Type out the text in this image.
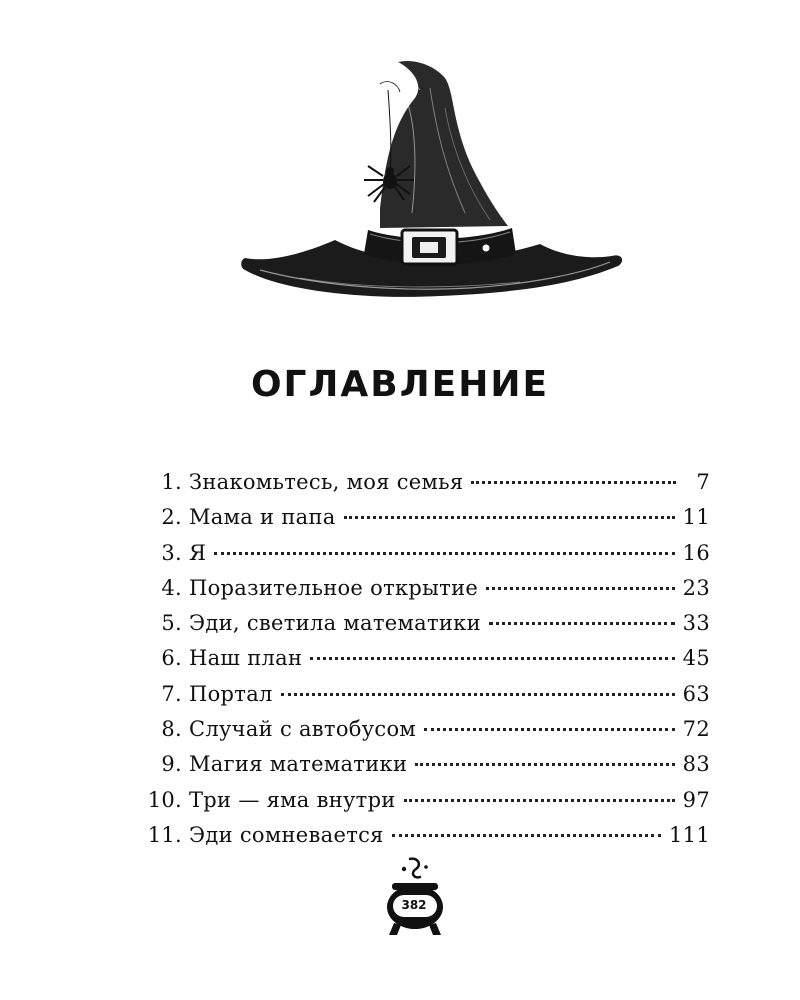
ОГЛАВЛЕНИЕ
1. Знакомьтесь, моя семья	7
2. Мама и папа	11
3. Я	16
4. Поразительное открытие	23
5. Эди, светила математики	33
6. Наш план	45
7. Портал	63
8. Случай с автобусом	72
9. Магия математики	83
10. Три — яма внутри	97
11. Эди сомневается	111
382
